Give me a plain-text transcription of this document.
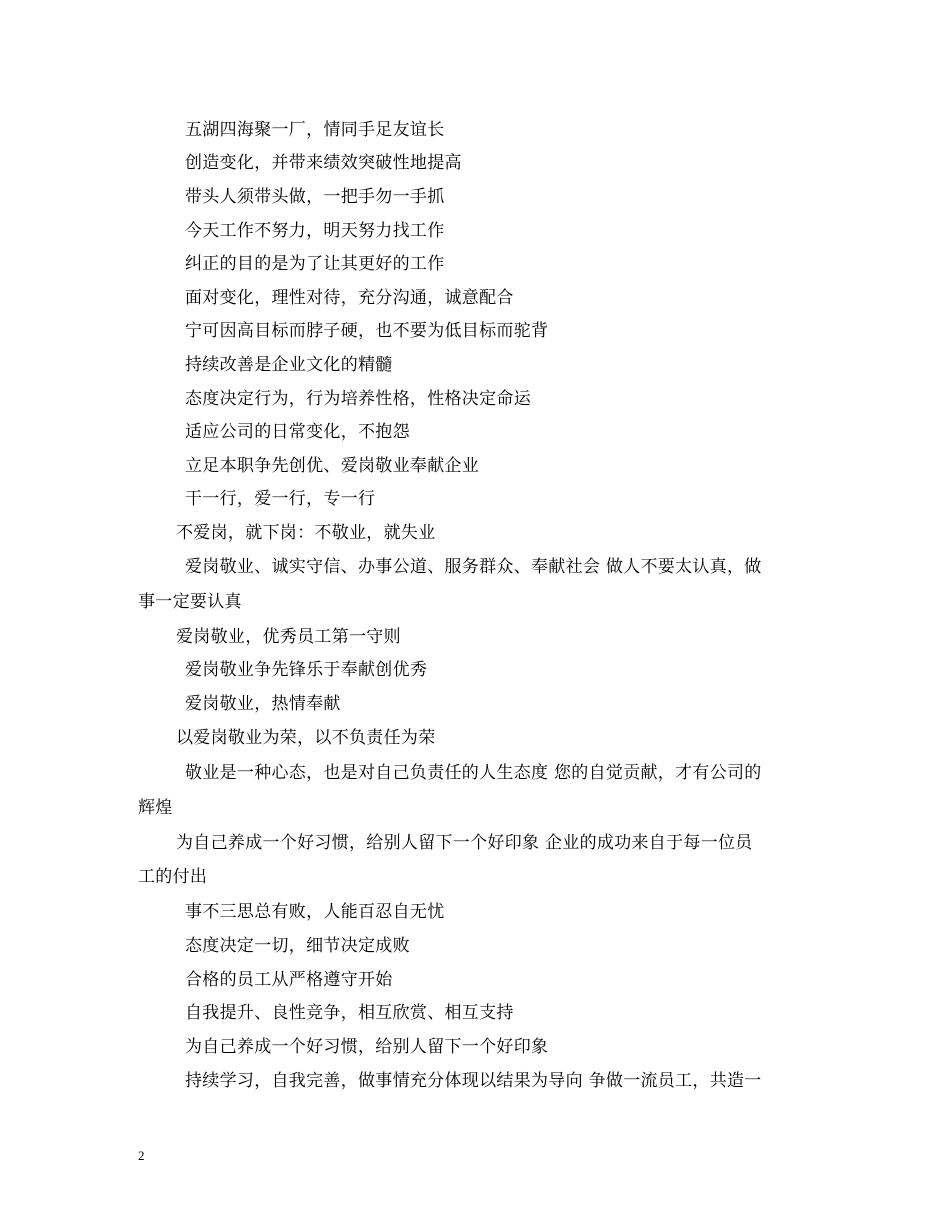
五湖四海聚一厂，情同手足友谊长
创造变化，并带来绩效突破性地提高
带头人须带头做，一把手勿一手抓
今天工作不努力，明天努力找工作
纠正的目的是为了让其更好的工作
面对变化，理性对待，充分沟通，诚意配合
宁可因高目标而脖子硬，也不要为低目标而驼背
持续改善是企业文化的精髓
态度决定行为，行为培养性格，性格决定命运
适应公司的日常变化，不抱怨
立足本职争先创优、爱岗敬业奉献企业
干一行，爱一行，专一行
不爱岗，就下岗：不敬业，就失业
爱岗敬业、诚实守信、办事公道、服务群众、奉献社会 做人不要太认真，做
事一定要认真
爱岗敬业，优秀员工第一守则
爱岗敬业争先锋乐于奉献创优秀
爱岗敬业，热情奉献
以爱岗敬业为荣，以不负责任为荣
敬业是一种心态，也是对自己负责任的人生态度 您的自觉贡献，才有公司的
辉煌
为自己养成一个好习惯，给别人留下一个好印象 企业的成功来自于每一位员
工的付出
事不三思总有败，人能百忍自无忧
态度决定一切，细节决定成败
合格的员工从严格遵守开始
自我提升、良性竞争，相互欣赏、相互支持
为自己养成一个好习惯，给别人留下一个好印象
持续学习，自我完善，做事情充分体现以结果为导向 争做一流员工，共造一
2
